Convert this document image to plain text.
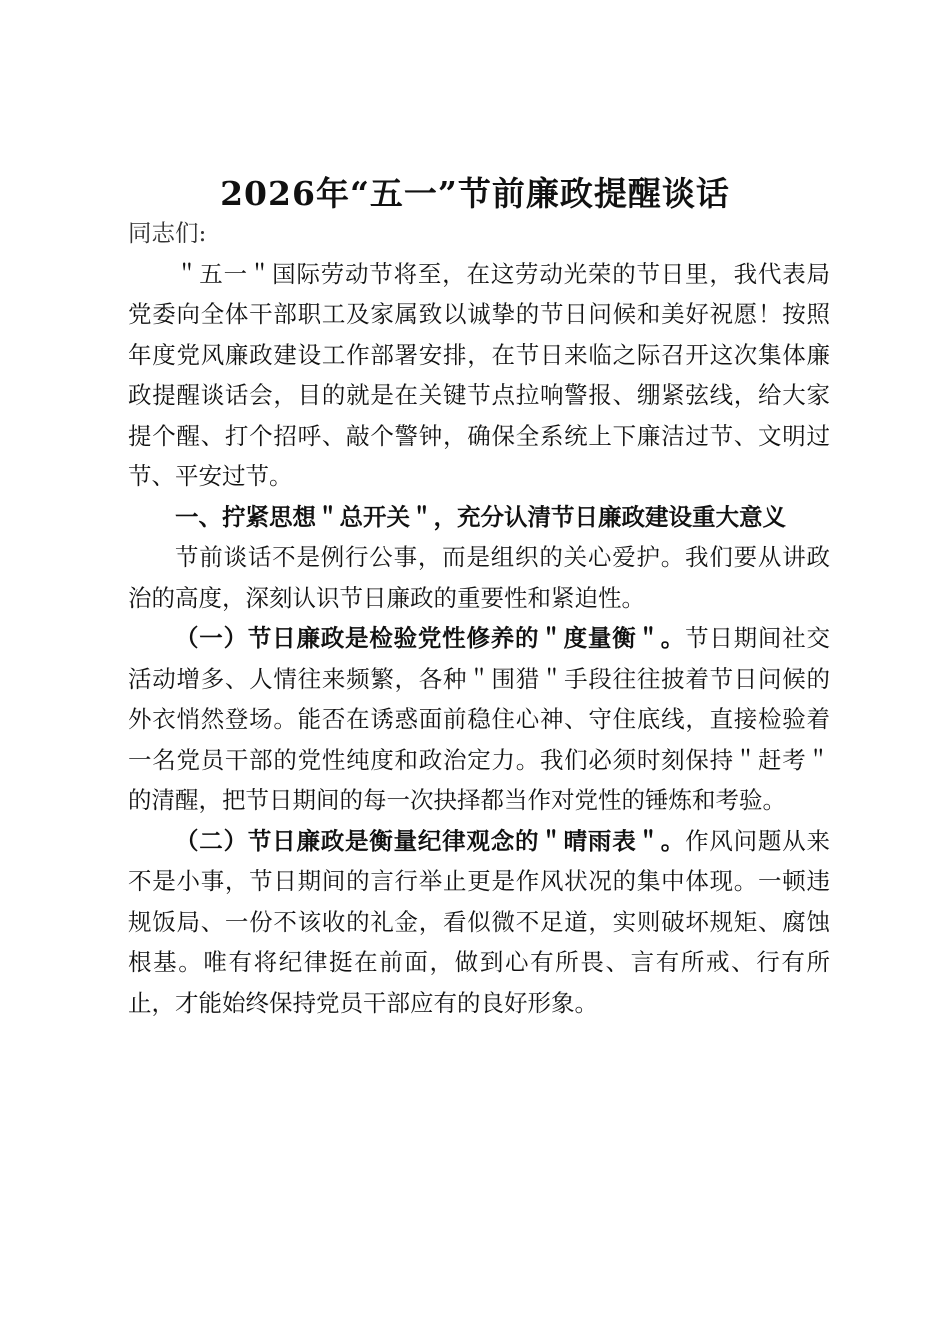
2026年“五一”节前廉政提醒谈话

同志们:

＂五一＂国际劳动节将至，在这劳动光荣的节日里，我代表局党委向全体干部职工及家属致以诚挚的节日问候和美好祝愿！按照年度党风廉政建设工作部署安排，在节日来临之际召开这次集体廉政提醒谈话会，目的就是在关键节点拉响警报、绷紧弦线，给大家提个醒、打个招呼、敲个警钟，确保全系统上下廉洁过节、文明过节、平安过节。

一、拧紧思想＂总开关＂，充分认清节日廉政建设重大意义

节前谈话不是例行公事，而是组织的关心爱护。我们要从讲政治的高度，深刻认识节日廉政的重要性和紧迫性。

（一）节日廉政是检验党性修养的＂度量衡＂。节日期间社交活动增多、人情往来频繁，各种＂围猎＂手段往往披着节日问候的外衣悄然登场。能否在诱惑面前稳住心神、守住底线，直接检验着一名党员干部的党性纯度和政治定力。我们必须时刻保持＂赶考＂的清醒，把节日期间的每一次抉择都当作对党性的锤炼和考验。

（二）节日廉政是衡量纪律观念的＂晴雨表＂。作风问题从来不是小事，节日期间的言行举止更是作风状况的集中体现。一顿违规饭局、一份不该收的礼金，看似微不足道，实则破坏规矩、腐蚀根基。唯有将纪律挺在前面，做到心有所畏、言有所戒、行有所止，才能始终保持党员干部应有的良好形象。
